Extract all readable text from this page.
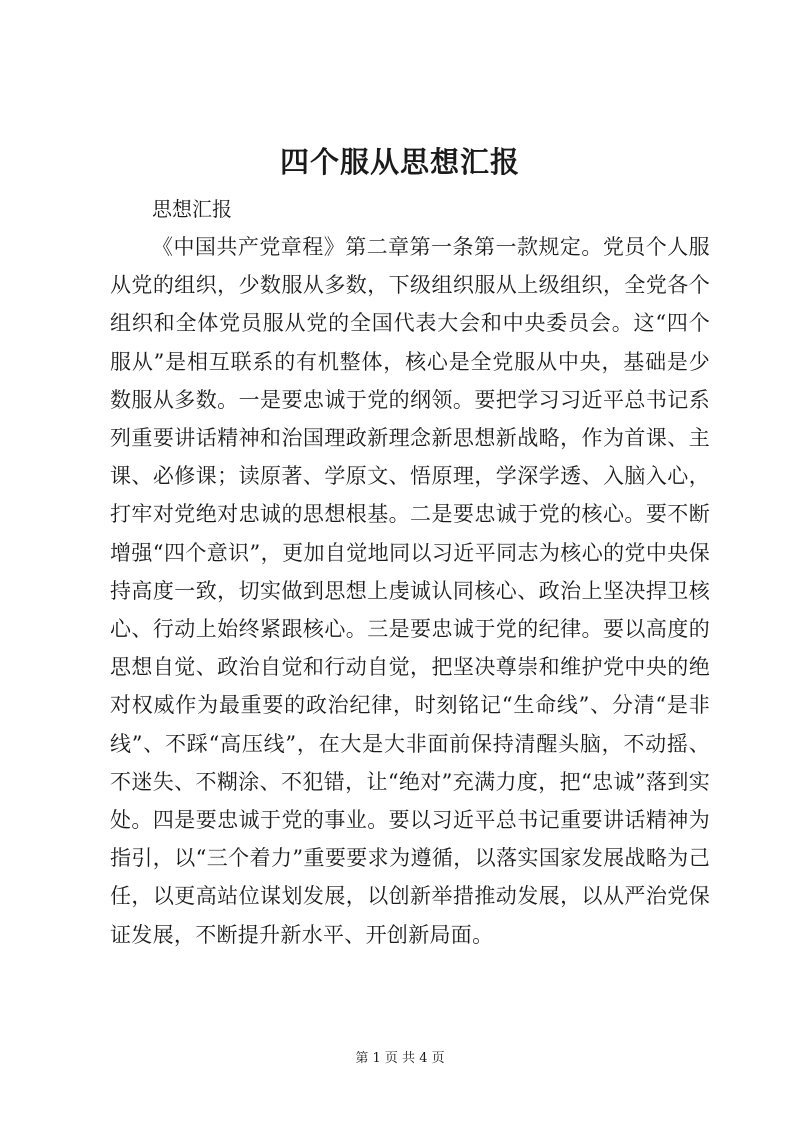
四个服从思想汇报

思想汇报

《中国共产党章程》第二章第一条第一款规定。党员个人服从党的组织，少数服从多数，下级组织服从上级组织，全党各个组织和全体党员服从党的全国代表大会和中央委员会。这“四个服从”是相互联系的有机整体，核心是全党服从中央，基础是少数服从多数。一是要忠诚于党的纲领。要把学习习近平总书记系列重要讲话精神和治国理政新理念新思想新战略，作为首课、主课、必修课；读原著、学原文、悟原理，学深学透、入脑入心，打牢对党绝对忠诚的思想根基。二是要忠诚于党的核心。要不断增强“四个意识”，更加自觉地同以习近平同志为核心的党中央保持高度一致，切实做到思想上虔诚认同核心、政治上坚决捍卫核心、行动上始终紧跟核心。三是要忠诚于党的纪律。要以高度的思想自觉、政治自觉和行动自觉，把坚决尊崇和维护党中央的绝对权威作为最重要的政治纪律，时刻铭记“生命线”、分清“是非线”、不踩“高压线”，在大是大非面前保持清醒头脑，不动摇、不迷失、不糊涂、不犯错，让“绝对”充满力度，把“忠诚”落到实处。四是要忠诚于党的事业。要以习近平总书记重要讲话精神为指引，以“三个着力”重要要求为遵循，以落实国家发展战略为己任，以更高站位谋划发展，以创新举措推动发展，以从严治党保证发展，不断提升新水平、开创新局面。

第 1 页 共 4 页
